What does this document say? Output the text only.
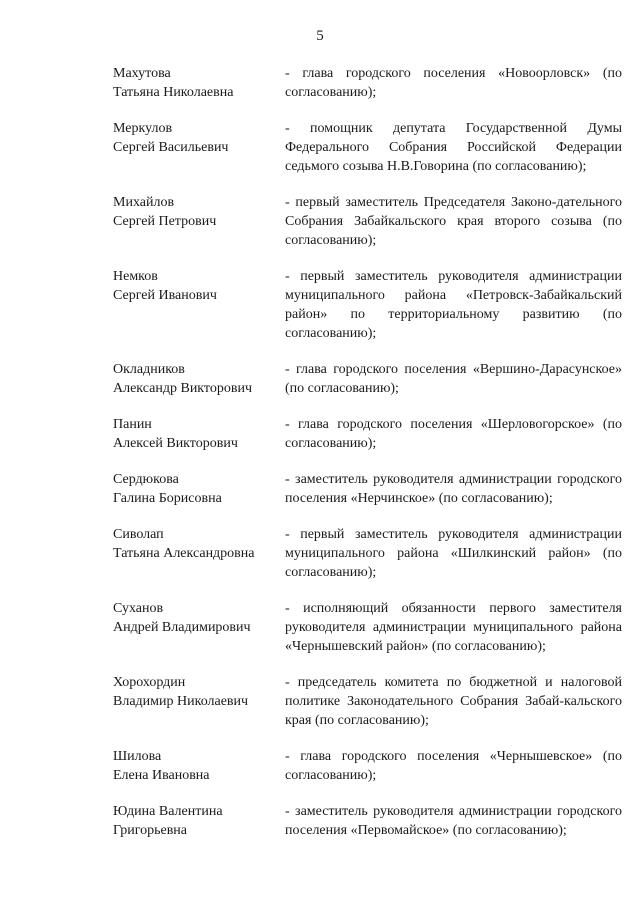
5
Махутова
Татьяна Николаевна
- глава городского поселения «Новоорловск» (по согласованию);
Меркулов
Сергей Васильевич
- помощник депутата Государственной Думы Федерального Собрания Российской Федерации седьмого созыва Н.В.Говорина (по согласованию);
Михайлов
Сергей Петрович
- первый заместитель Председателя Законо-дательного Собрания Забайкальского края второго созыва (по согласованию);
Немков
Сергей Иванович
- первый заместитель руководителя администрации муниципального района «Петровск-Забайкальский район» по территориальному развитию (по согласованию);
Окладников
Александр Викторович
- глава городского поселения «Вершино-Дарасунское» (по согласованию);
Панин
Алексей Викторович
- глава городского поселения «Шерловогорское» (по согласованию);
Сердюкова
Галина Борисовна
- заместитель руководителя администрации городского поселения «Нерчинское» (по согласованию);
Сиволап
Татьяна Александровна
- первый заместитель руководителя администрации муниципального района «Шилкинский район» (по согласованию);
Суханов
Андрей Владимирович
- исполняющий обязанности первого заместителя руководителя администрации муниципального района «Чернышевский район» (по согласованию);
Хорохордин
Владимир Николаевич
- председатель комитета по бюджетной и налоговой политике Законодательного Собрания Забай-кальского края (по согласованию);
Шилова
Елена Ивановна
- глава городского поселения «Чернышевское» (по согласованию);
Юдина Валентина
Григорьевна
- заместитель руководителя администрации городского поселения «Первомайское» (по согласованию);
